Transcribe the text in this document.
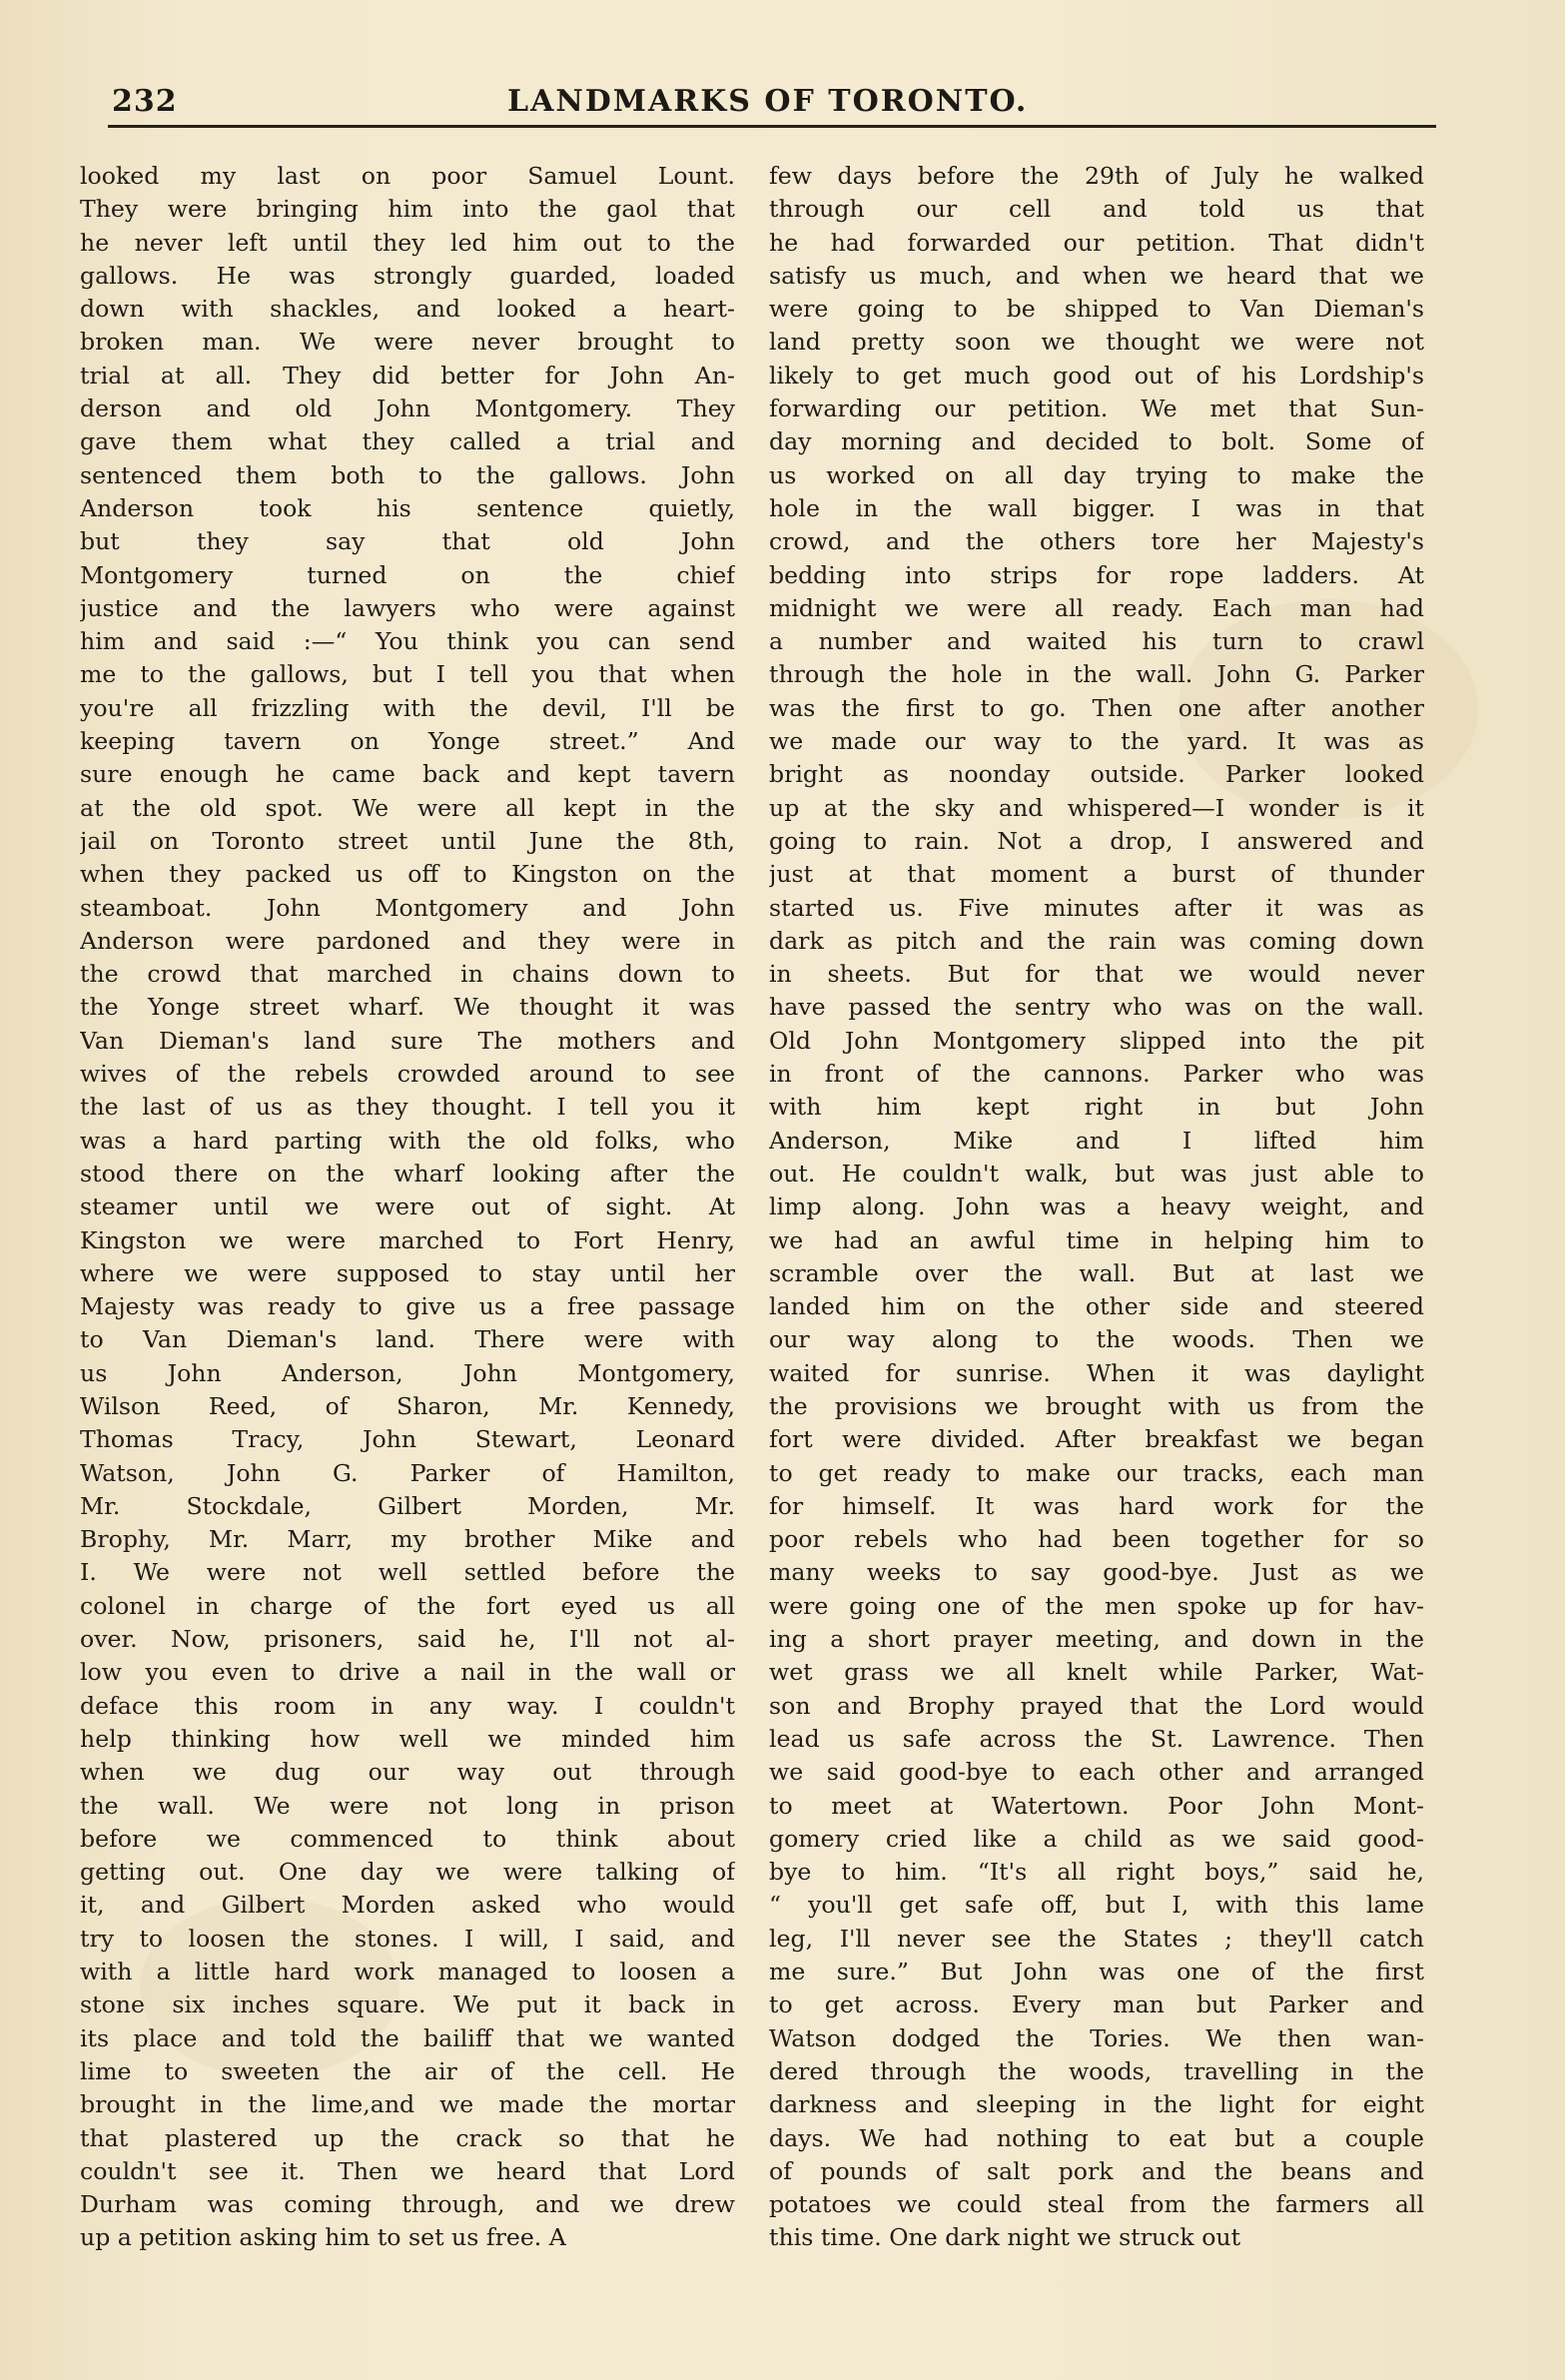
232	LANDMARKS OF TORONTO.
looked my last on poor Samuel Lount.
They were bringing him into the gaol that
he never left until they led him out to the
gallows. He was strongly guarded, loaded
down with shackles, and looked a heart-
broken man. We were never brought to
trial at all. They did better for John An-
derson and old John Montgomery. They
gave them what they called a trial and
sentenced them both to the gallows. John
Anderson took his sentence quietly,
but they say that old John
Montgomery turned on the chief
justice and the lawyers who were against
him and said :—“ You think you can send
me to the gallows, but I tell you that when
you're all frizzling with the devil, I'll be
keeping tavern on Yonge street.” And
sure enough he came back and kept tavern
at the old spot. We were all kept in the
jail on Toronto street until June the 8th,
when they packed us off to Kingston on the
steamboat. John Montgomery and John
Anderson were pardoned and they were in
the crowd that marched in chains down to
the Yonge street wharf. We thought it was
Van Dieman's land sure The mothers and
wives of the rebels crowded around to see
the last of us as they thought. I tell you it
was a hard parting with the old folks, who
stood there on the wharf looking after the
steamer until we were out of sight. At
Kingston we were marched to Fort Henry,
where we were supposed to stay until her
Majesty was ready to give us a free passage
to Van Dieman's land. There were with
us John Anderson, John Montgomery,
Wilson Reed, of Sharon, Mr. Kennedy,
Thomas Tracy, John Stewart, Leonard
Watson, John G. Parker of Hamilton,
Mr. Stockdale, Gilbert Morden, Mr.
Brophy, Mr. Marr, my brother Mike and
I. We were not well settled before the
colonel in charge of the fort eyed us all
over. Now, prisoners, said he, I'll not al-
low you even to drive a nail in the wall or
deface this room in any way. I couldn't
help thinking how well we minded him
when we dug our way out through
the wall. We were not long in prison
before we commenced to think about
getting out. One day we were talking of
it, and Gilbert Morden asked who would
try to loosen the stones. I will, I said, and
with a little hard work managed to loosen a
stone six inches square. We put it back in
its place and told the bailiff that we wanted
lime to sweeten the air of the cell. He
brought in the lime,and we made the mortar
that plastered up the crack so that he
couldn't see it. Then we heard that Lord
Durham was coming through, and we drew
up a petition asking him to set us free. A
few days before the 29th of July he walked
through our cell and told us that
he had forwarded our petition. That didn't
satisfy us much, and when we heard that we
were going to be shipped to Van Dieman's
land pretty soon we thought we were not
likely to get much good out of his Lordship's
forwarding our petition. We met that Sun-
day morning and decided to bolt. Some of
us worked on all day trying to make the
hole in the wall bigger. I was in that
crowd, and the others tore her Majesty's
bedding into strips for rope ladders. At
midnight we were all ready. Each man had
a number and waited his turn to crawl
through the hole in the wall. John G. Parker
was the first to go. Then one after another
we made our way to the yard. It was as
bright as noonday outside. Parker looked
up at the sky and whispered—I wonder is it
going to rain. Not a drop, I answered and
just at that moment a burst of thunder
started us. Five minutes after it was as
dark as pitch and the rain was coming down
in sheets. But for that we would never
have passed the sentry who was on the wall.
Old John Montgomery slipped into the pit
in front of the cannons. Parker who was
with him kept right in but John
Anderson, Mike and I lifted him
out. He couldn't walk, but was just able to
limp along. John was a heavy weight, and
we had an awful time in helping him to
scramble over the wall. But at last we
landed him on the other side and steered
our way along to the woods. Then we
waited for sunrise. When it was daylight
the provisions we brought with us from the
fort were divided. After breakfast we began
to get ready to make our tracks, each man
for himself. It was hard work for the
poor rebels who had been together for so
many weeks to say good-bye. Just as we
were going one of the men spoke up for hav-
ing a short prayer meeting, and down in the
wet grass we all knelt while Parker, Wat-
son and Brophy prayed that the Lord would
lead us safe across the St. Lawrence. Then
we said good-bye to each other and arranged
to meet at Watertown. Poor John Mont-
gomery cried like a child as we said good-
bye to him. “It's all right boys,” said he,
“ you'll get safe off, but I, with this lame
leg, I'll never see the States ; they'll catch
me sure.” But John was one of the first
to get across. Every man but Parker and
Watson dodged the Tories. We then wan-
dered through the woods, travelling in the
darkness and sleeping in the light for eight
days. We had nothing to eat but a couple
of pounds of salt pork and the beans and
potatoes we could steal from the farmers all
this time. One dark night we struck out
